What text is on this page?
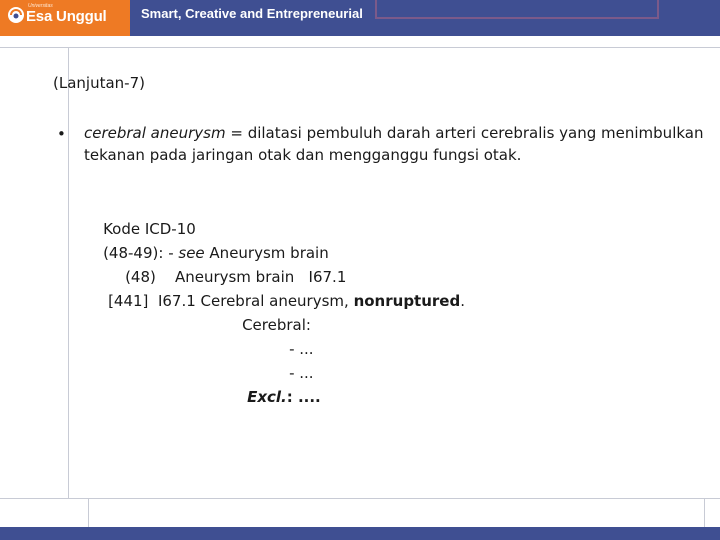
Universitas
Esa Unggul	Smart, Creative and Entrepreneurial
(Lanjutan-7)
• cerebral aneurysm = dilatasi pembuluh darah arteri cerebralis yang menimbulkan tekanan pada jaringan otak dan mengganggu fungsi otak.

Kode ICD-10

(48-49): - see Aneurysm brain

(48)    Aneurysm brain   I67.1

[441]  I67.1 Cerebral aneurysm, nonruptured.

Cerebral:

- ...

- ...

Excl.: ....
